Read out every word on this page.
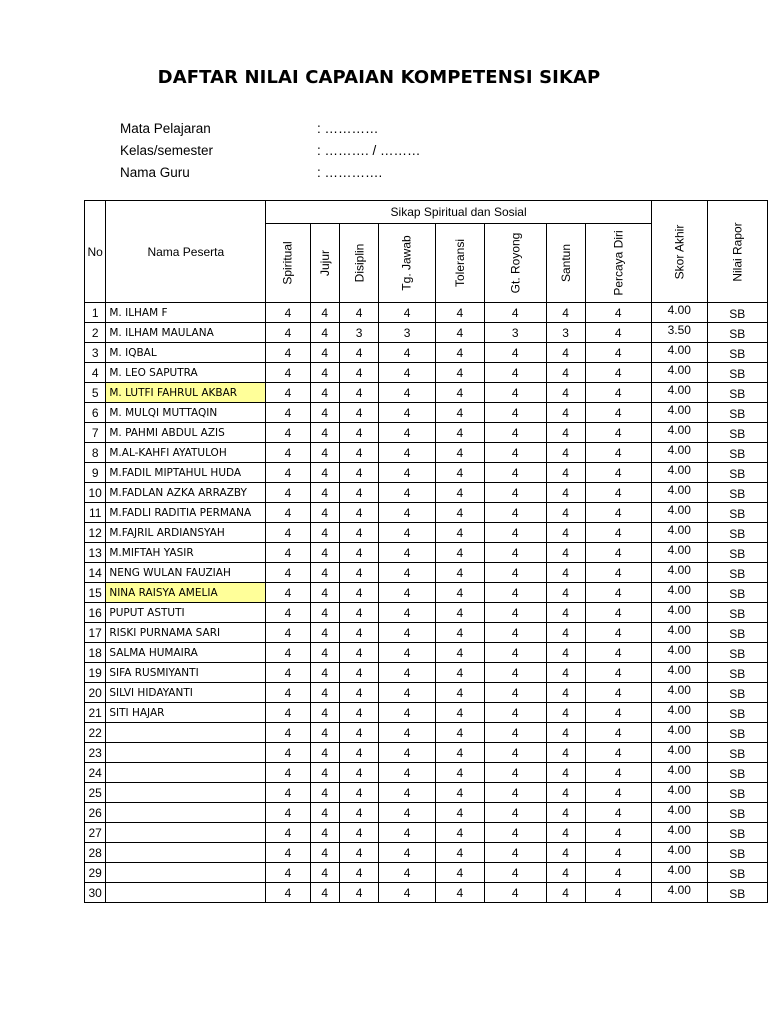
DAFTAR NILAI CAPAIAN KOMPETENSI SIKAP
Mata Pelajaran	: …………
Kelas/semester	: ………. / ………
Nama Guru	: ………….
No	Nama Peserta	Sikap Spiritual dan Sosial								Skor Akhir	Nilai Rapor
		Spiritual	Jujur	Disiplin	Tg. Jawab	Toleransi	Gt. Royong	Santun	Percaya Diri		
1	M. ILHAM F	4	4	4	4	4	4	4	4	4.00	SB
2	M. ILHAM MAULANA	4	4	3	3	4	3	3	4	3.50	SB
3	M. IQBAL	4	4	4	4	4	4	4	4	4.00	SB
4	M. LEO SAPUTRA	4	4	4	4	4	4	4	4	4.00	SB
5	M. LUTFI FAHRUL AKBAR	4	4	4	4	4	4	4	4	4.00	SB
6	M. MULQI MUTTAQIN	4	4	4	4	4	4	4	4	4.00	SB
7	M. PAHMI ABDUL AZIS	4	4	4	4	4	4	4	4	4.00	SB
8	M.AL-KAHFI AYATULOH	4	4	4	4	4	4	4	4	4.00	SB
9	M.FADIL MIPTAHUL HUDA	4	4	4	4	4	4	4	4	4.00	SB
10	M.FADLAN AZKA ARRAZBY	4	4	4	4	4	4	4	4	4.00	SB
11	M.FADLI RADITIA PERMANA	4	4	4	4	4	4	4	4	4.00	SB
12	M.FAJRIL ARDIANSYAH	4	4	4	4	4	4	4	4	4.00	SB
13	M.MIFTAH YASIR	4	4	4	4	4	4	4	4	4.00	SB
14	NENG WULAN FAUZIAH	4	4	4	4	4	4	4	4	4.00	SB
15	NINA RAISYA AMELIA	4	4	4	4	4	4	4	4	4.00	SB
16	PUPUT ASTUTI	4	4	4	4	4	4	4	4	4.00	SB
17	RISKI PURNAMA SARI	4	4	4	4	4	4	4	4	4.00	SB
18	SALMA HUMAIRA	4	4	4	4	4	4	4	4	4.00	SB
19	SIFA RUSMIYANTI	4	4	4	4	4	4	4	4	4.00	SB
20	SILVI HIDAYANTI	4	4	4	4	4	4	4	4	4.00	SB
21	SITI HAJAR	4	4	4	4	4	4	4	4	4.00	SB
22		4	4	4	4	4	4	4	4	4.00	SB
23		4	4	4	4	4	4	4	4	4.00	SB
24		4	4	4	4	4	4	4	4	4.00	SB
25		4	4	4	4	4	4	4	4	4.00	SB
26		4	4	4	4	4	4	4	4	4.00	SB
27		4	4	4	4	4	4	4	4	4.00	SB
28		4	4	4	4	4	4	4	4	4.00	SB
29		4	4	4	4	4	4	4	4	4.00	SB
30		4	4	4	4	4	4	4	4	4.00	SB
